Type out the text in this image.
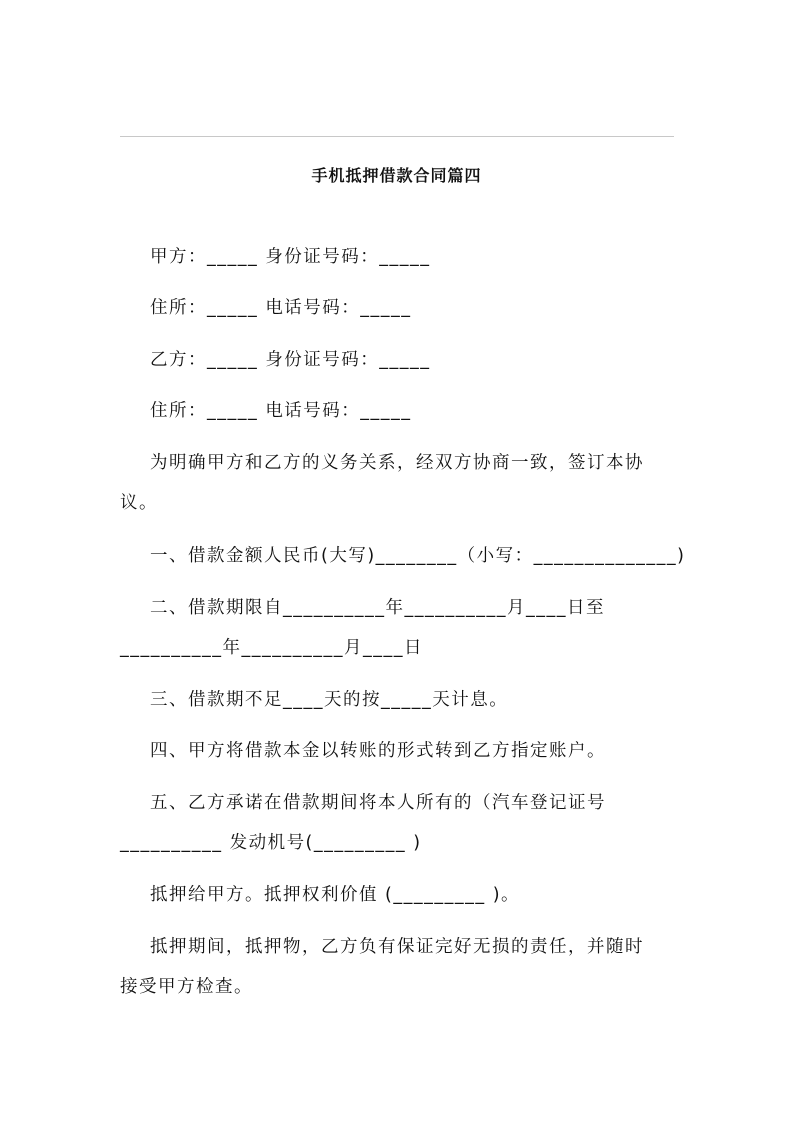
手机抵押借款合同篇四
甲方：_____ 身份证号码：_____
住所：_____ 电话号码：_____
乙方：_____ 身份证号码：_____
住所：_____ 电话号码：_____
为明确甲方和乙方的义务关系，经双方协商一致，签订本协
议。
一、借款金额人民币(大写)________（小写：______________)
二、借款期限自__________年__________月____日至
__________年__________月____日
三、借款期不足____天的按_____天计息。
四、甲方将借款本金以转账的形式转到乙方指定账户。
五、乙方承诺在借款期间将本人所有的（汽车登记证号
__________ 发动机号(_________ )
抵押给甲方。抵押权利价值 (_________ )。
抵押期间，抵押物，乙方负有保证完好无损的责任，并随时
接受甲方检查。
